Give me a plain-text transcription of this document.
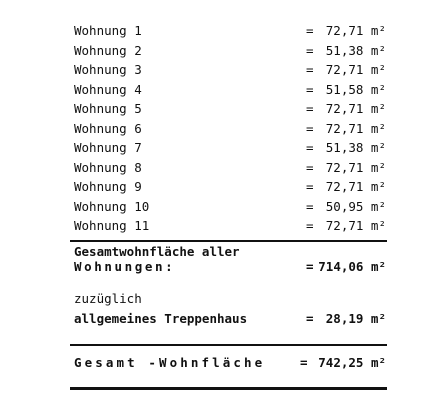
Wohnung 1	= 72,71 m²
Wohnung 2	= 51,38 m²
Wohnung 3	= 72,71 m²
Wohnung 4	= 51,58 m²
Wohnung 5	= 72,71 m²
Wohnung 6	= 72,71 m²
Wohnung 7	= 51,38 m²
Wohnung 8	= 72,71 m²
Wohnung 9	= 72,71 m²
Wohnung 10	= 50,95 m²
Wohnung 11	= 72,71 m²
Gesamtwohnfläche aller
Wohnungen:	= 714,06 m²
zuzüglich
allgemeines Treppenhaus	= 28,19 m²
Gesamt -Wohnfläche	= 742,25 m²
